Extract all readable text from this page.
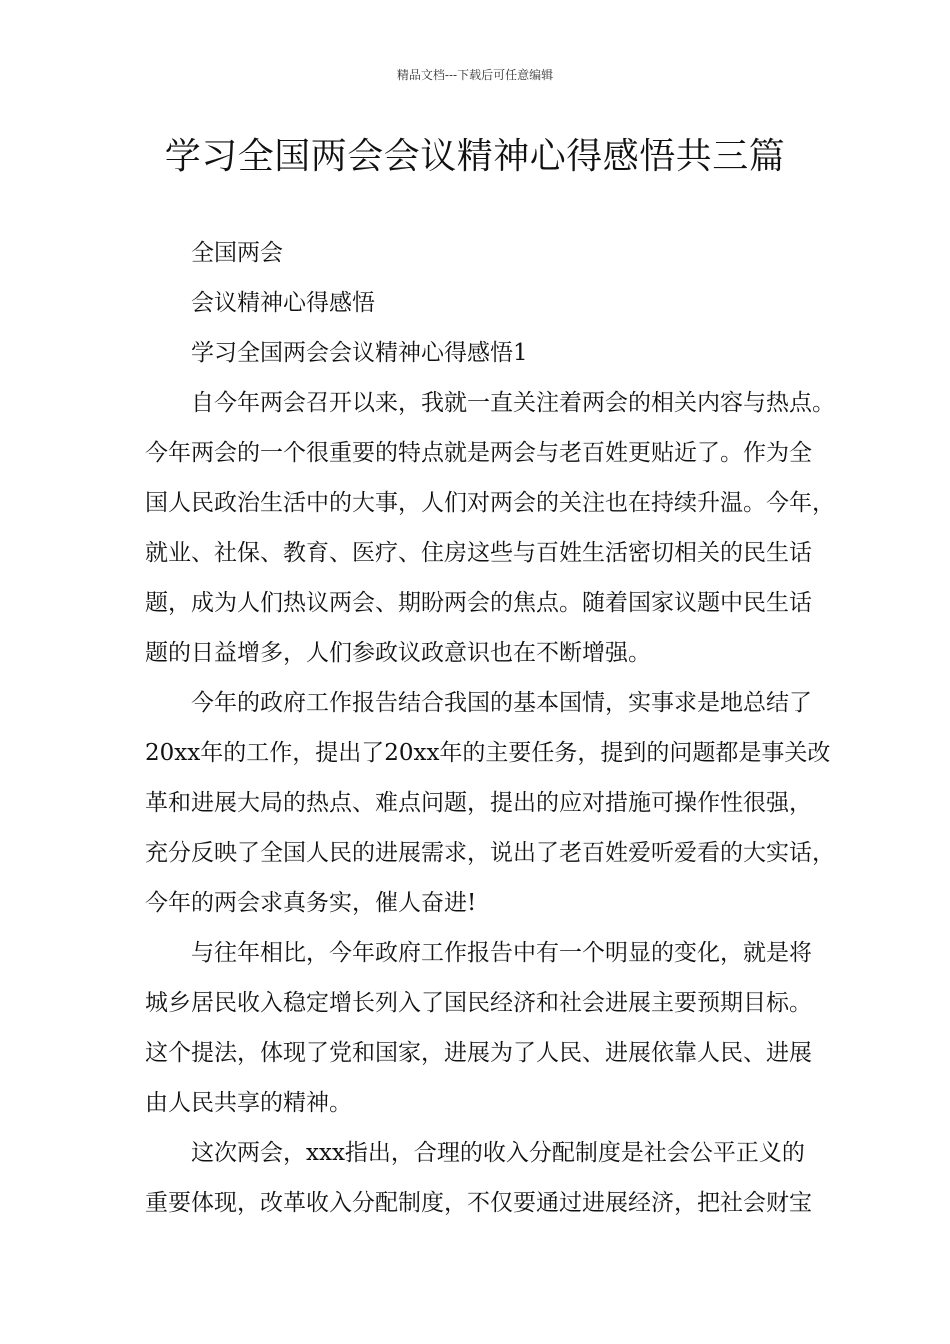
精品文档---下载后可任意编辑
学习全国两会会议精神心得感悟共三篇
全国两会
会议精神心得感悟
学习全国两会会议精神心得感悟1
自今年两会召开以来，我就一直关注着两会的相关内容与热点。
今年两会的一个很重要的特点就是两会与老百姓更贴近了。作为全
国人民政治生活中的大事，人们对两会的关注也在持续升温。今年，
就业、社保、教育、医疗、住房这些与百姓生活密切相关的民生话
题，成为人们热议两会、期盼两会的焦点。随着国家议题中民生话
题的日益增多，人们参政议政意识也在不断增强。
今年的政府工作报告结合我国的基本国情，实事求是地总结了
20xx年的工作，提出了20xx年的主要任务，提到的问题都是事关改
革和进展大局的热点、难点问题，提出的应对措施可操作性很强，
充分反映了全国人民的进展需求，说出了老百姓爱听爱看的大实话，
今年的两会求真务实，催人奋进!
与往年相比，今年政府工作报告中有一个明显的变化，就是将
城乡居民收入稳定增长列入了国民经济和社会进展主要预期目标。
这个提法，体现了党和国家，进展为了人民、进展依靠人民、进展
由人民共享的精神。
这次两会，xxx指出，合理的收入分配制度是社会公平正义的
重要体现，改革收入分配制度，不仅要通过进展经济，把社会财宝
